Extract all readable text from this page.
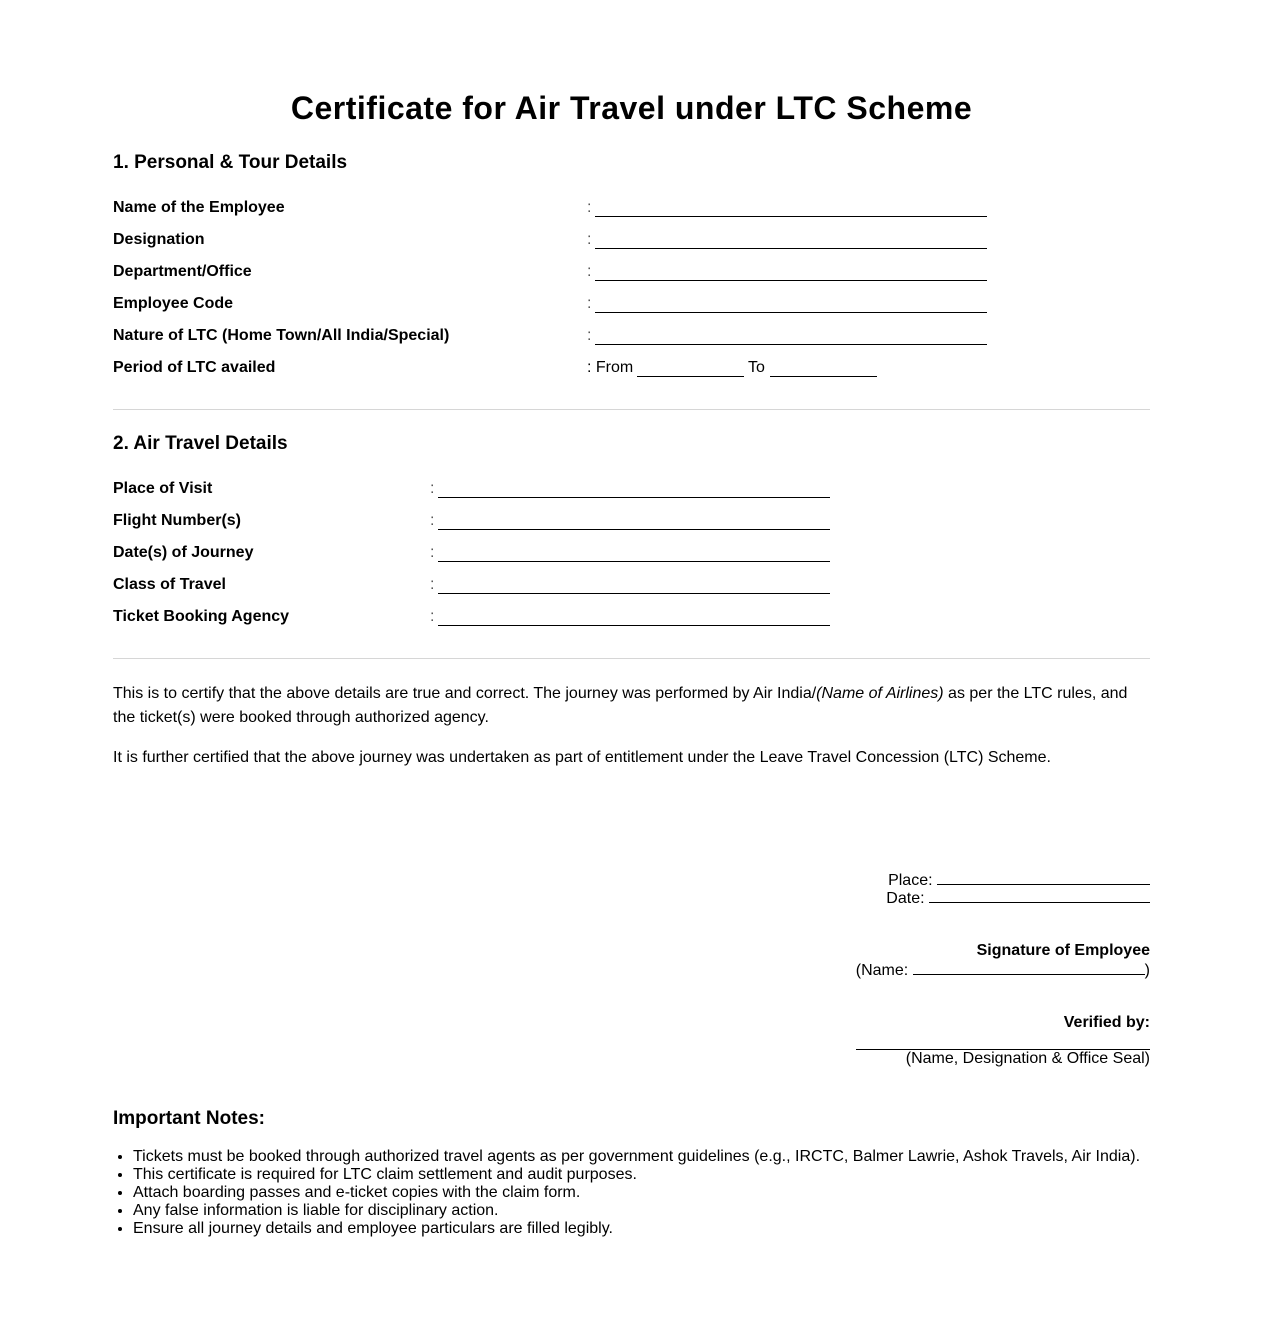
Certificate for Air Travel under LTC Scheme
1. Personal & Tour Details
Name of the Employee	:
Designation	:
Department/Office	:
Employee Code	:
Nature of LTC (Home Town/All India/Special)	:
Period of LTC availed	: From	To
2. Air Travel Details
Place of Visit	:
Flight Number(s)	:
Date(s) of Journey	:
Class of Travel	:
Ticket Booking Agency	:
This is to certify that the above details are true and correct. The journey was performed by Air India/(Name of Airlines) as per the LTC rules, and the ticket(s) were booked through authorized agency.
It is further certified that the above journey was undertaken as part of entitlement under the Leave Travel Concession (LTC) Scheme.
Place:
Date:
Signature of Employee
(Name:	)
Verified by:
(Name, Designation & Office Seal)
Important Notes:
• Tickets must be booked through authorized travel agents as per government guidelines (e.g., IRCTC, Balmer Lawrie, Ashok Travels, Air India).
• This certificate is required for LTC claim settlement and audit purposes.
• Attach boarding passes and e-ticket copies with the claim form.
• Any false information is liable for disciplinary action.
• Ensure all journey details and employee particulars are filled legibly.
